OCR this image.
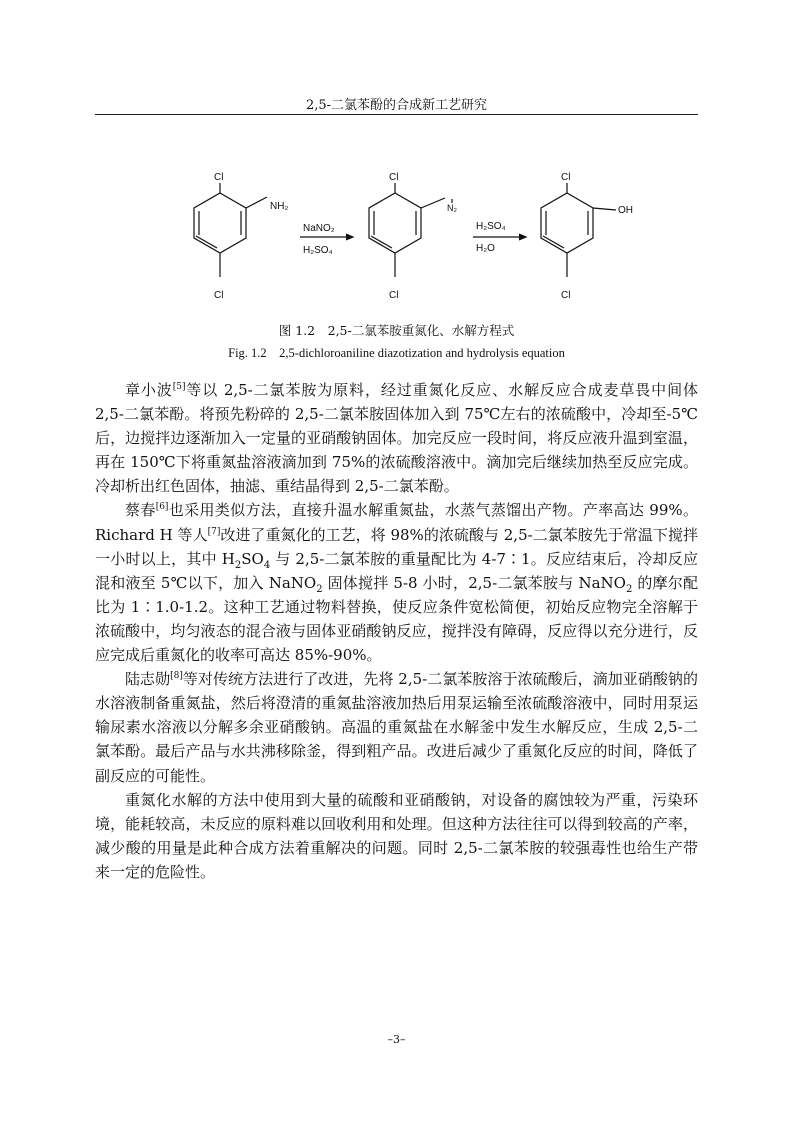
2,5-二氯苯酚的合成新工艺研究
Cl
NH₂
Cl
NaNO₂
H₂SO₄
Cl
N₂
Cl
H₂SO₄
H₂O
Cl
OH
Cl
图 1.2　2,5-二氯苯胺重氮化、水解方程式
Fig. 1.2　2,5-dichloroaniline diazotization and hydrolysis equation

章小波[5]等以 2,5-二氯苯胺为原料，经过重氮化反应、水解反应合成麦草畏中间体 2,5-二氯苯酚。将预先粉碎的 2,5-二氯苯胺固体加入到 75℃左右的浓硫酸中，冷却至-5℃后，边搅拌边逐渐加入一定量的亚硝酸钠固体。加完反应一段时间，将反应液升温到室温，再在 150℃下将重氮盐溶液滴加到 75%的浓硫酸溶液中。滴加完后继续加热至反应完成。冷却析出红色固体，抽滤、重结晶得到 2,5-二氯苯酚。

蔡春[6]也采用类似方法，直接升温水解重氮盐，水蒸气蒸馏出产物。产率高达 99%。Richard H 等人[7]改进了重氮化的工艺，将 98%的浓硫酸与 2,5-二氯苯胺先于常温下搅拌一小时以上，其中 $H_2SO_4$ 与 2,5-二氯苯胺的重量配比为 4-7∶1。反应结束后，冷却反应混和液至 5℃以下，加入 NaNO$_2$ 固体搅拌 5-8 小时，2,5-二氯苯胺与 NaNO$_2$ 的摩尔配比为 1∶1.0-1.2。这种工艺通过物料替换，使反应条件宽松简便，初始反应物完全溶解于浓硫酸中，均匀液态的混合液与固体亚硝酸钠反应，搅拌没有障碍，反应得以充分进行，反应完成后重氮化的收率可高达 85%-90%。

陆志勋[8]等对传统方法进行了改进，先将 2,5-二氯苯胺溶于浓硫酸后，滴加亚硝酸钠的水溶液制备重氮盐，然后将澄清的重氮盐溶液加热后用泵运输至浓硫酸溶液中，同时用泵运输尿素水溶液以分解多余亚硝酸钠。高温的重氮盐在水解釜中发生水解反应，生成 2,5-二氯苯酚。最后产品与水共沸移除釜，得到粗产品。改进后减少了重氮化反应的时间，降低了副反应的可能性。

重氮化水解的方法中使用到大量的硫酸和亚硝酸钠，对设备的腐蚀较为严重，污染环境，能耗较高，未反应的原料难以回收利用和处理。但这种方法往往可以得到较高的产率，减少酸的用量是此种合成方法着重解决的问题。同时 2,5-二氯苯胺的较强毒性也给生产带来一定的危险性。

–3–
